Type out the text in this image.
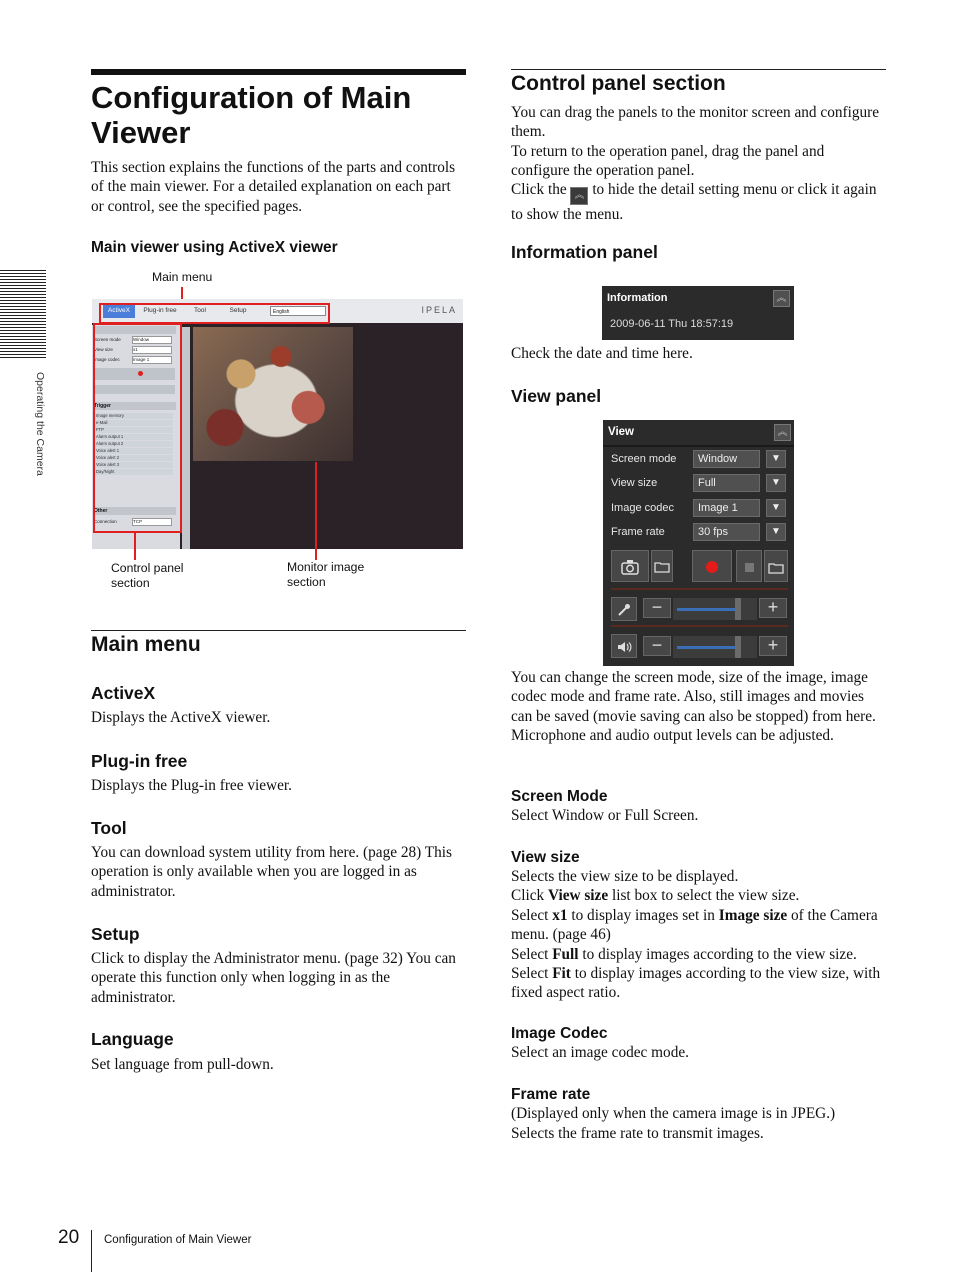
Operating the Camera
Configuration of Main
Viewer

This section explains the functions of the parts and controls of the main viewer. For a detailed explanation on each part or control, see the specified pages.

Main viewer using ActiveX viewer
Main menu
ActiveX	Plug-in free	Tool	Setup	English	IPELA
Screen mode	Window
View size	x1
Image codec	Image 1
Trigger
Image memory
e-Mail
FTP
Alarm output 1
Alarm output 2
Voice alert 1
Voice alert 2
Voice alert 3
Day/Night
Other
Connection	TCP
Control panel section
Monitor image section
Main menu
ActiveX

Displays the ActiveX viewer.

Plug-in free

Displays the Plug-in free viewer.

Tool

You can download system utility from here. (page 28) This operation is only available when you are logged in as administrator.

Setup

Click to display the Administrator menu. (page 32) You can operate this function only when logging in as the administrator.

Language

Set language from pull-down.

Control panel section

You can drag the panels to the monitor screen and configure them.

To return to the operation panel, drag the panel and configure the operation panel.

Click the ︽ to hide the detail setting menu or click it again to show the menu.

Information panel
Information	︽
2009-06-11 Thu 18:57:19

Check the date and time here.

View panel
View	︽
Screen mode	Window	▼
View size	Full	▼
Image codec	Image 1	▼
Frame rate	30 fps	▼
−	+
−	+

You can change the screen mode, size of the image, image codec mode and frame rate. Also, still images and movies can be saved (movie saving can also be stopped) from here. Microphone and audio output levels can be adjusted.

Screen Mode

Select Window or Full Screen.

View size
Selects the view size to be displayed.
Click View size list box to select the view size.
Select x1 to display images set in Image size of the Camera menu. (page 46)
Select Full to display images according to the view size.
Select Fit to display images according to the view size, with fixed aspect ratio.
Image Codec

Select an image codec mode.

Frame rate

(Displayed only when the camera image is in JPEG.)

Selects the frame rate to transmit images.

20 Configuration of Main Viewer
